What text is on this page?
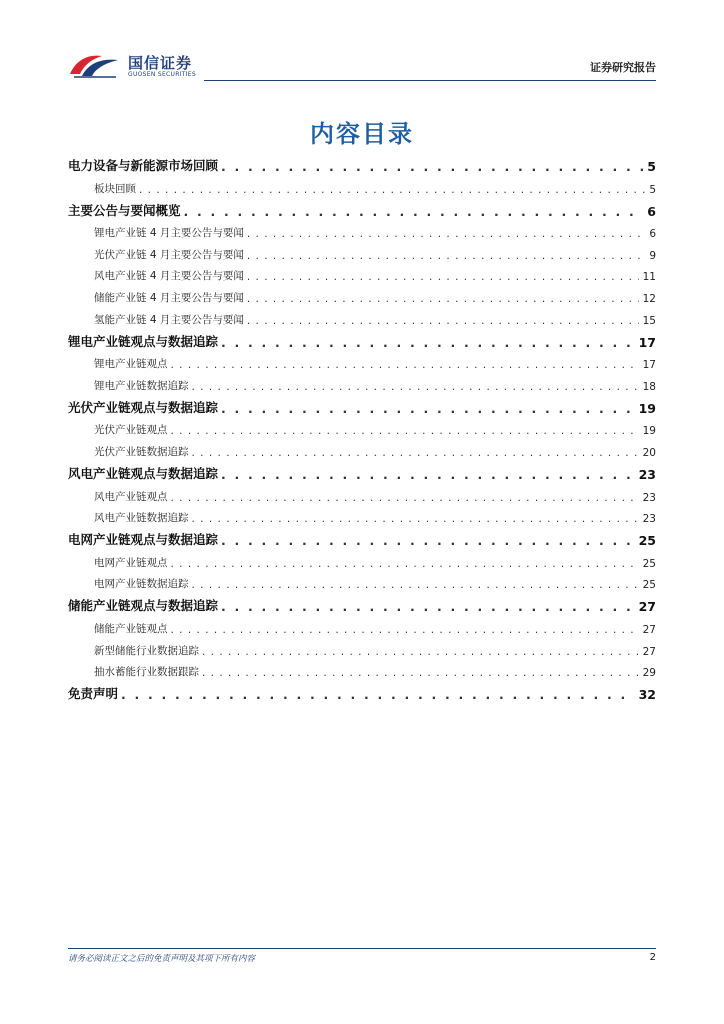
国信证券
GUOSEN SECURITIES
证券研究报告
内容目录
电力设备与新能源市场回顾 . . .	5
板块回顾 . . .	5
主要公告与要闻概览 . . .	6
锂电产业链 4 月主要公告与要闻 . . .	6
光伏产业链 4 月主要公告与要闻 . . .	9
风电产业链 4 月主要公告与要闻 . . .	11
储能产业链 4 月主要公告与要闻 . . .	12
氢能产业链 4 月主要公告与要闻 . . .	15
锂电产业链观点与数据追踪 . . .	17
锂电产业链观点 . . .	17
锂电产业链数据追踪 . . .	18
光伏产业链观点与数据追踪 . . .	19
光伏产业链观点 . . .	19
光伏产业链数据追踪 . . .	20
风电产业链观点与数据追踪 . . .	23
风电产业链观点 . . .	23
风电产业链数据追踪 . . .	23
电网产业链观点与数据追踪 . . .	25
电网产业链观点 . . .	25
电网产业链数据追踪 . . .	25
储能产业链观点与数据追踪 . . .	27
储能产业链观点 . . .	27
新型储能行业数据追踪 . . .	27
抽水蓄能行业数据跟踪 . . .	29
免责声明 . . .	32
请务必阅读正文之后的免责声明及其项下所有内容	2
